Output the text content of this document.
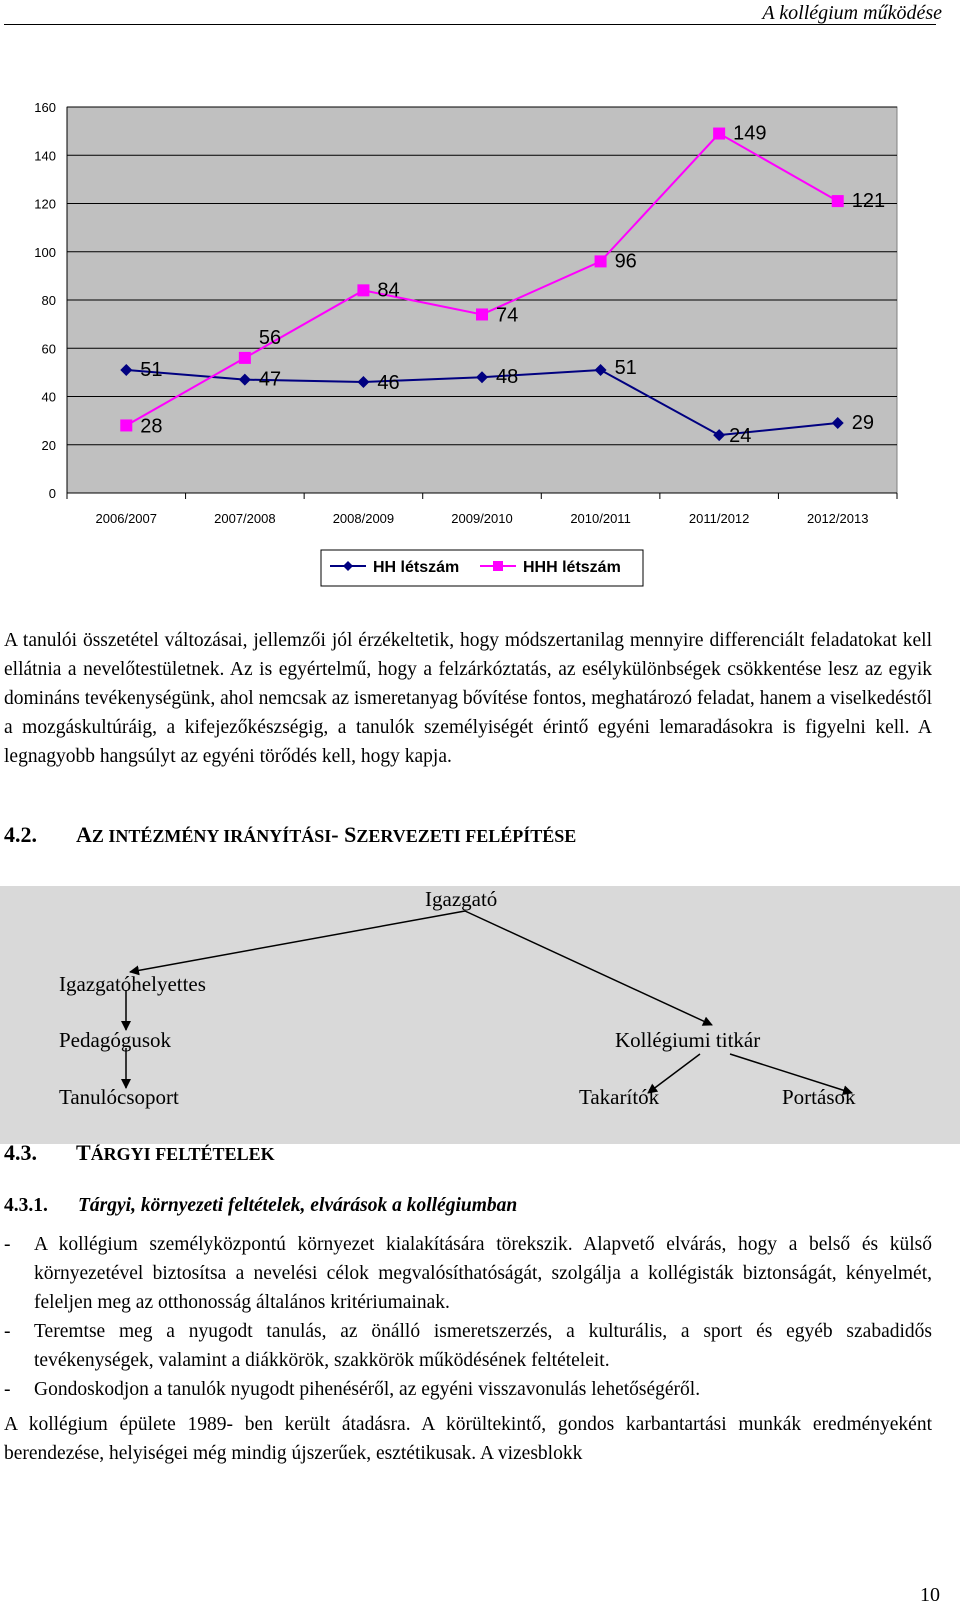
A kollégium működése
0
20
40
60
80
100
120
140
160
2006/2007	2007/2008	2008/2009	2009/2010	2010/2011	2011/2012	2012/2013
51	47	46	48	51
24
29
28
56
84
74
96
149
121
HH létszám	HHH létszám
A tanulói összetétel változásai, jellemzői jól érzékeltetik, hogy módszertanilag mennyire differenciált feladatokat kell ellátnia a nevelőtestületnek. Az is egyértelmű, hogy a felzárkóztatás, az esélykülönbségek csökkentése lesz az egyik domináns tevékenységünk, ahol nemcsak az ismeretanyag bővítése fontos, meghatározó feladat, hanem a viselkedéstől a mozgáskultúráig, a kifejezőkészségig, a tanulók személyiségét érintő egyéni lemaradásokra is figyelni kell. A legnagyobb hangsúlyt az egyéni törődés kell, hogy kapja.
4.2. AZ INTÉZMÉNY IRÁNYÍTÁSI- SZERVEZETI FELÉPÍTÉSE
Igazgató
Igazgatóhelyettes
Pedagógusok	Kollégiumi titkár
Tanulócsoport	Takarítók	Portások
4.3. TÁRGYI FELTÉTELEK
4.3.1. Tárgyi, környezeti feltételek, elvárások a kollégiumban
- A kollégium személyközpontú környezet kialakítására törekszik. Alapvető elvárás, hogy a belső és külső környezetével biztosítsa a nevelési célok megvalósíthatóságát, szolgálja a kollégisták biztonságát, kényelmét, feleljen meg az otthonosság általános kritériumainak.
- Teremtse meg a nyugodt tanulás, az önálló ismeretszerzés, a kulturális, a sport és egyéb szabadidős tevékenységek, valamint a diákkörök, szakkörök működésének feltételeit.
- Gondoskodjon a tanulók nyugodt pihenéséről, az egyéni visszavonulás lehetőségéről.
A kollégium épülete 1989- ben került átadásra. A körültekintő, gondos karbantartási munkák eredményeként berendezése, helyiségei még mindig újszerűek, esztétikusak. A vizesblokk
10
